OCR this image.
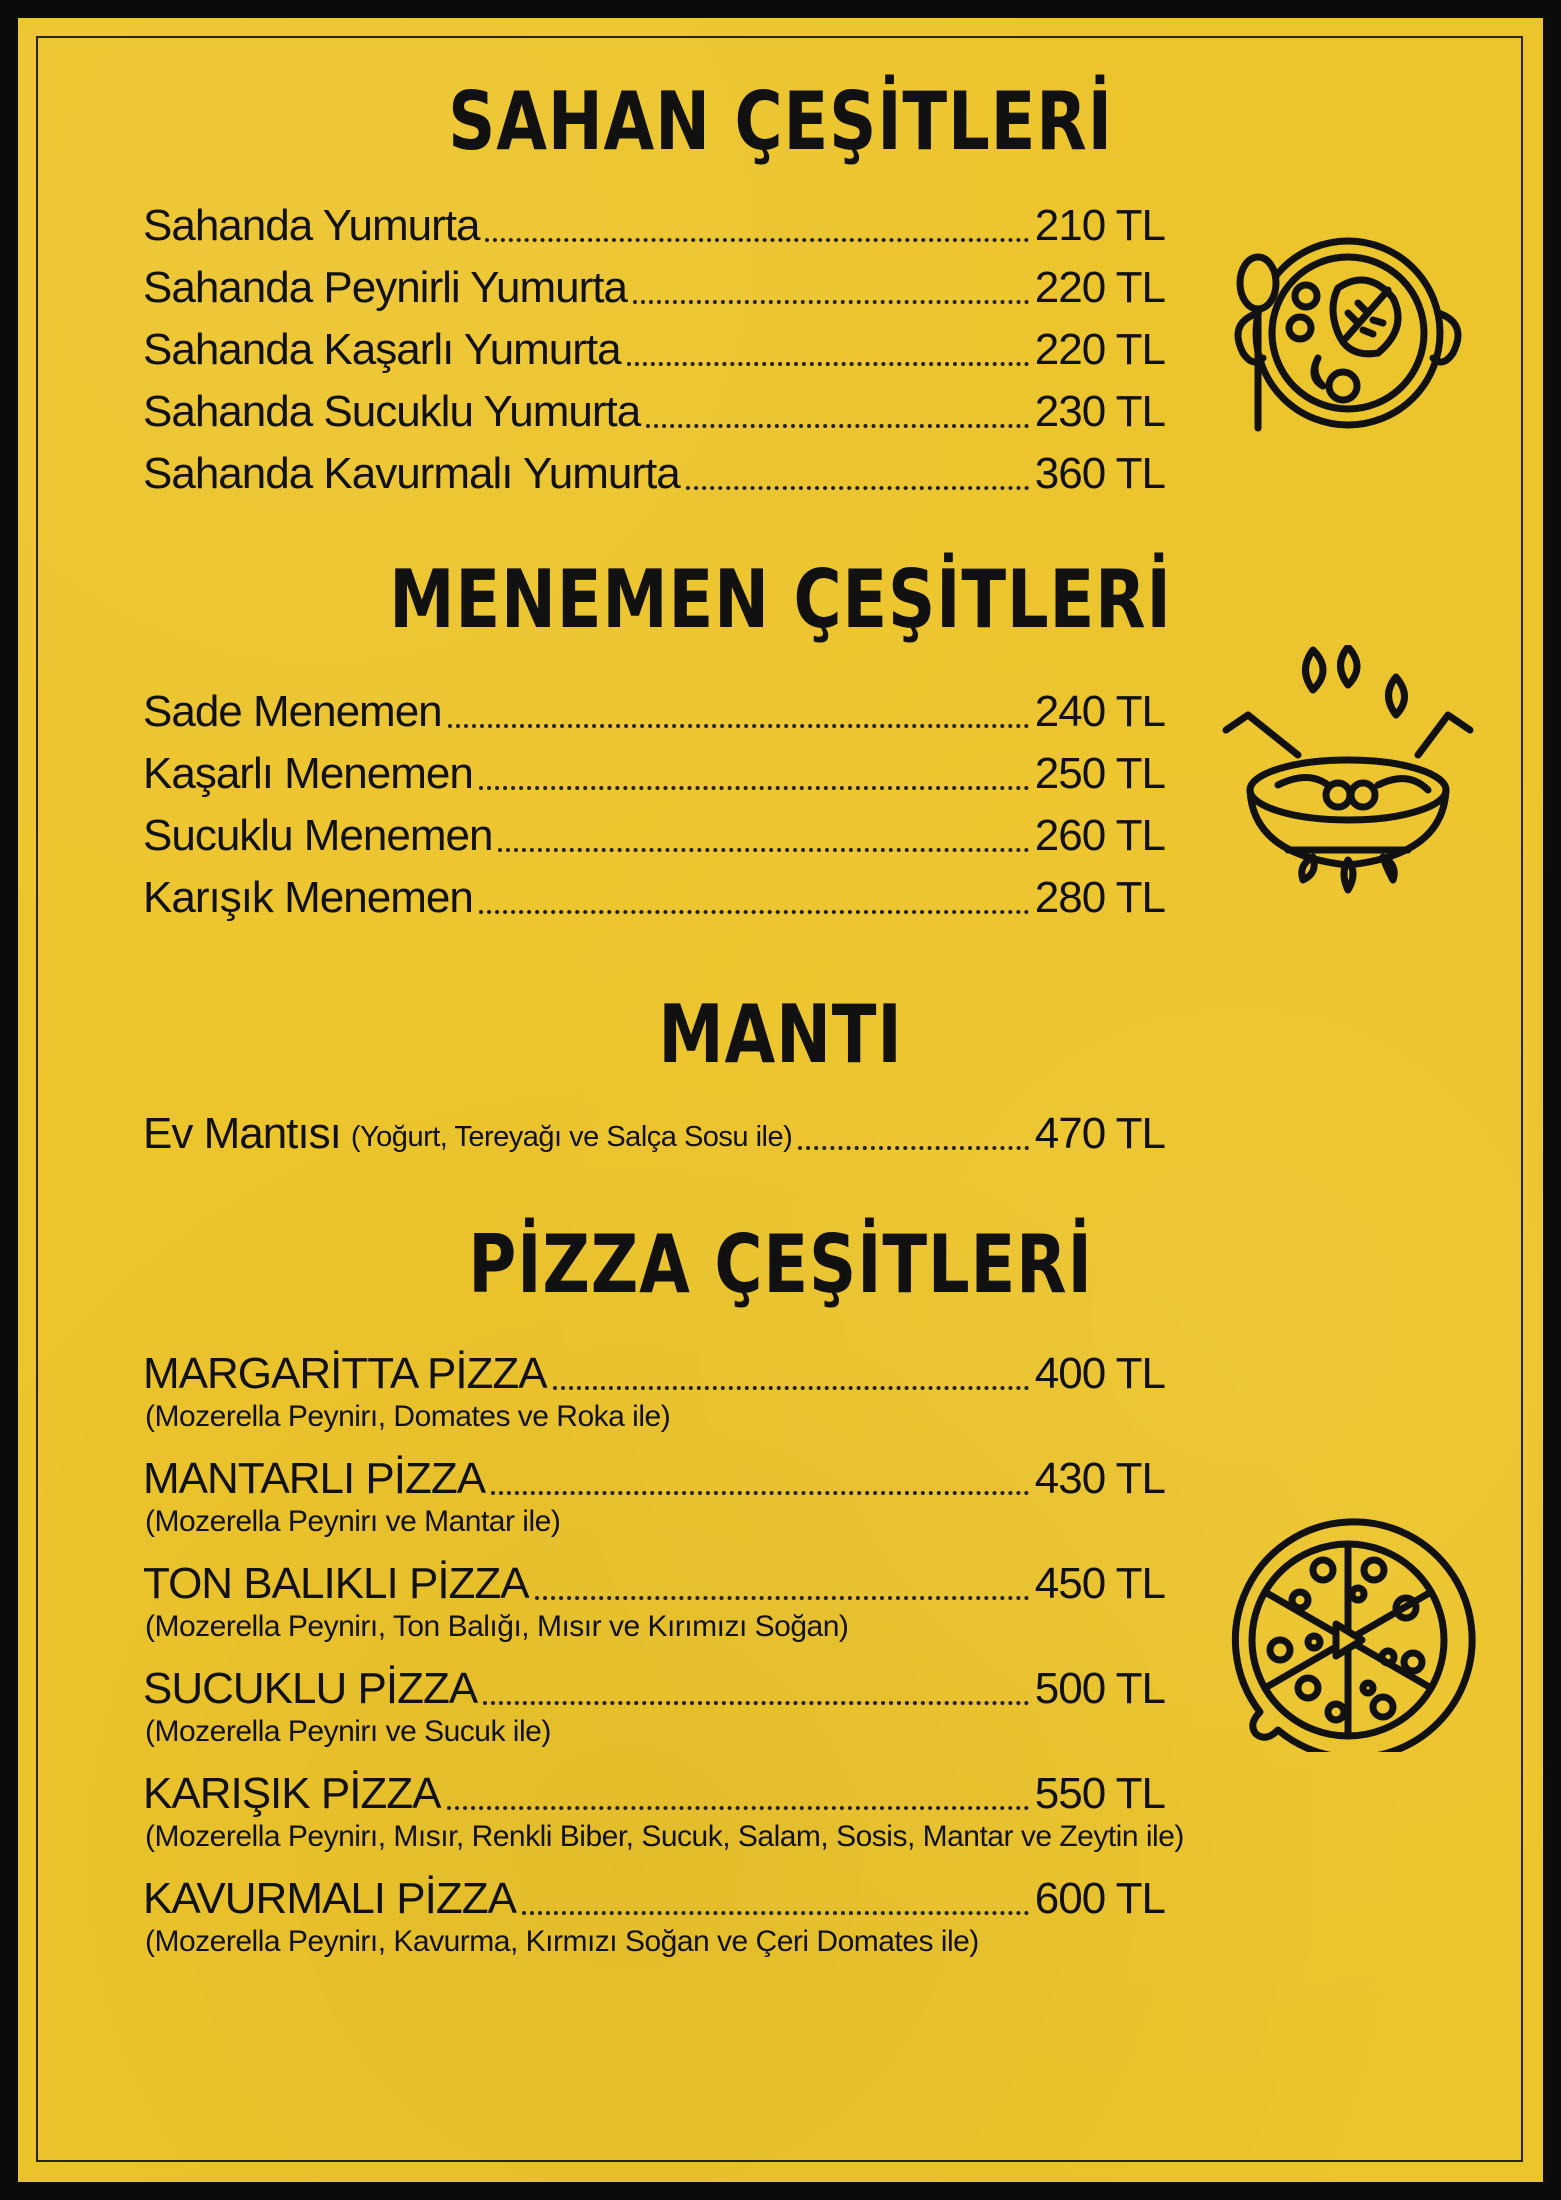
SAHAN ÇEŞİTLERİ
Sahanda Yumurta	210 TL
Sahanda Peynirli Yumurta	220 TL
Sahanda Kaşarlı Yumurta	220 TL
Sahanda Sucuklu Yumurta	230 TL
Sahanda Kavurmalı Yumurta	360 TL
MENEMEN ÇEŞİTLERİ
Sade Menemen	240 TL
Kaşarlı Menemen	250 TL
Sucuklu Menemen	260 TL
Karışık Menemen	280 TL
MANTI
Ev Mantısı (Yoğurt, Tereyağı ve Salça Sosu ile)	470 TL
PİZZA ÇEŞİTLERİ
MARGARİTTA PİZZA	400 TL
(Mozerella Peynirı, Domates ve Roka ile)
MANTARLI PİZZA	430 TL
(Mozerella Peynirı ve Mantar ile)
TON BALIKLI PİZZA	450 TL
(Mozerella Peynirı, Ton Balığı, Mısır ve Kırımızı Soğan)
SUCUKLU PİZZA	500 TL
(Mozerella Peynirı ve Sucuk ile)
KARIŞIK PİZZA	550 TL
(Mozerella Peynirı, Mısır, Renkli Biber, Sucuk, Salam, Sosis, Mantar ve Zeytin ile)
KAVURMALI PİZZA	600 TL
(Mozerella Peynirı, Kavurma, Kırmızı Soğan ve Çeri Domates ile)
